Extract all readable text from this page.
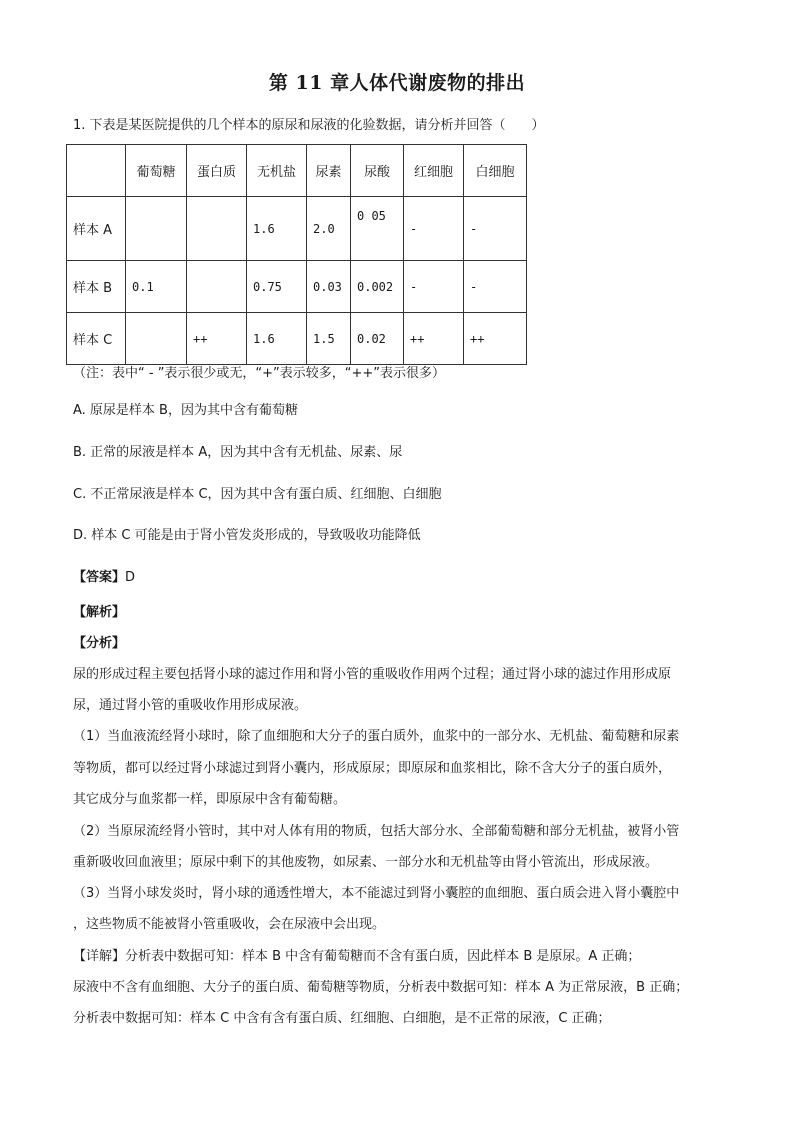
第 11 章人体代谢废物的排出
1. 下表是某医院提供的几个样本的原尿和尿液的化验数据，请分析并回答（　　）
	葡萄糖	蛋白质	无机盐	尿素	尿酸	红细胞	白细胞
样本 A			1.6	2.0	0 05	-	-
样本 B	0.1		0.75	0.03	0.002	-	-
样本 C		++	1.6	1.5	0.02	++	++
（注：表中“ - ”表示很少或无，“+”表示较多，“++”表示很多）
A. 原尿是样本 B，因为其中含有葡萄糖
B. 正常的尿液是样本 A，因为其中含有无机盐、尿素、尿
C. 不正常尿液是样本 C，因为其中含有蛋白质、红细胞、白细胞
D. 样本 C 可能是由于肾小管发炎形成的，导致吸收功能降低
【答案】D
【解析】
【分析】
尿的形成过程主要包括肾小球的滤过作用和肾小管的重吸收作用两个过程；通过肾小球的滤过作用形成原
尿，通过肾小管的重吸收作用形成尿液。
（1）当血液流经肾小球时，除了血细胞和大分子的蛋白质外，血浆中的一部分水、无机盐、葡萄糖和尿素
等物质，都可以经过肾小球滤过到肾小囊内，形成原尿；即原尿和血浆相比，除不含大分子的蛋白质外，
其它成分与血浆都一样，即原尿中含有葡萄糖。
（2）当原尿流经肾小管时，其中对人体有用的物质，包括大部分水、全部葡萄糖和部分无机盐，被肾小管
重新吸收回血液里；原尿中剩下的其他废物，如尿素、一部分水和无机盐等由肾小管流出，形成尿液。
（3）当肾小球发炎时，肾小球的通透性增大，本不能滤过到肾小囊腔的血细胞、蛋白质会进入肾小囊腔中
，这些物质不能被肾小管重吸收，会在尿液中会出现。
【详解】分析表中数据可知：样本 B 中含有葡萄糖而不含有蛋白质，因此样本 B 是原尿。A 正确；
尿液中不含有血细胞、大分子的蛋白质、葡萄糖等物质，分析表中数据可知：样本 A 为正常尿液，B 正确；
分析表中数据可知：样本 C 中含有含有蛋白质、红细胞、白细胞，是不正常的尿液，C 正确；
